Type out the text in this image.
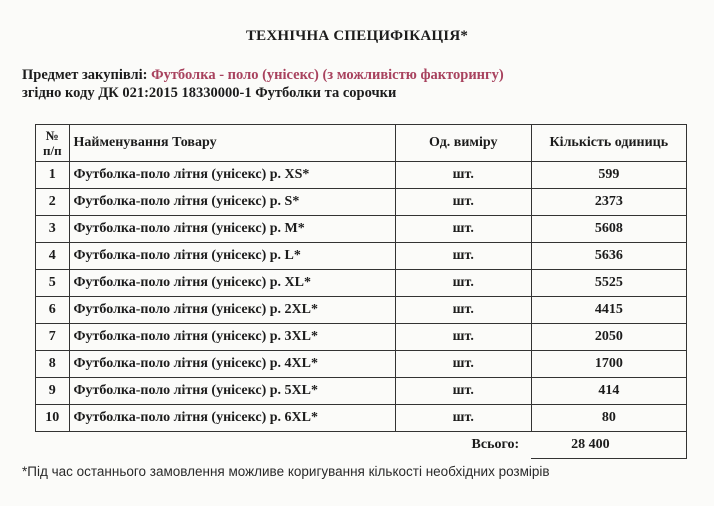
ТЕХНІЧНА СПЕЦИФІКАЦІЯ*
Предмет закупівлі: Футболка - поло (унісекс) (з можливістю факторингу)
згідно коду ДК 021:2015 18330000-1 Футболки та сорочки
№ п/п	Найменування Товару	Од. виміру	Кількість одиниць
1	Футболка-поло літня (унісекс) р. XS*	шт.	599
2	Футболка-поло літня (унісекс) р. S*	шт.	2373
3	Футболка-поло літня (унісекс) р. М*	шт.	5608
4	Футболка-поло літня (унісекс) р. L*	шт.	5636
5	Футболка-поло літня (унісекс) р. XL*	шт.	5525
6	Футболка-поло літня (унісекс) р. 2XL*	шт.	4415
7	Футболка-поло літня (унісекс) р. 3XL*	шт.	2050
8	Футболка-поло літня (унісекс) р. 4XL*	шт.	1700
9	Футболка-поло літня (унісекс) р. 5XL*	шт.	414
10	Футболка-поло літня (унісекс) р. 6XL*	шт.	80
		Всього:	28 400
*Під час останнього замовлення можливе коригування кількості необхідних розмірів
